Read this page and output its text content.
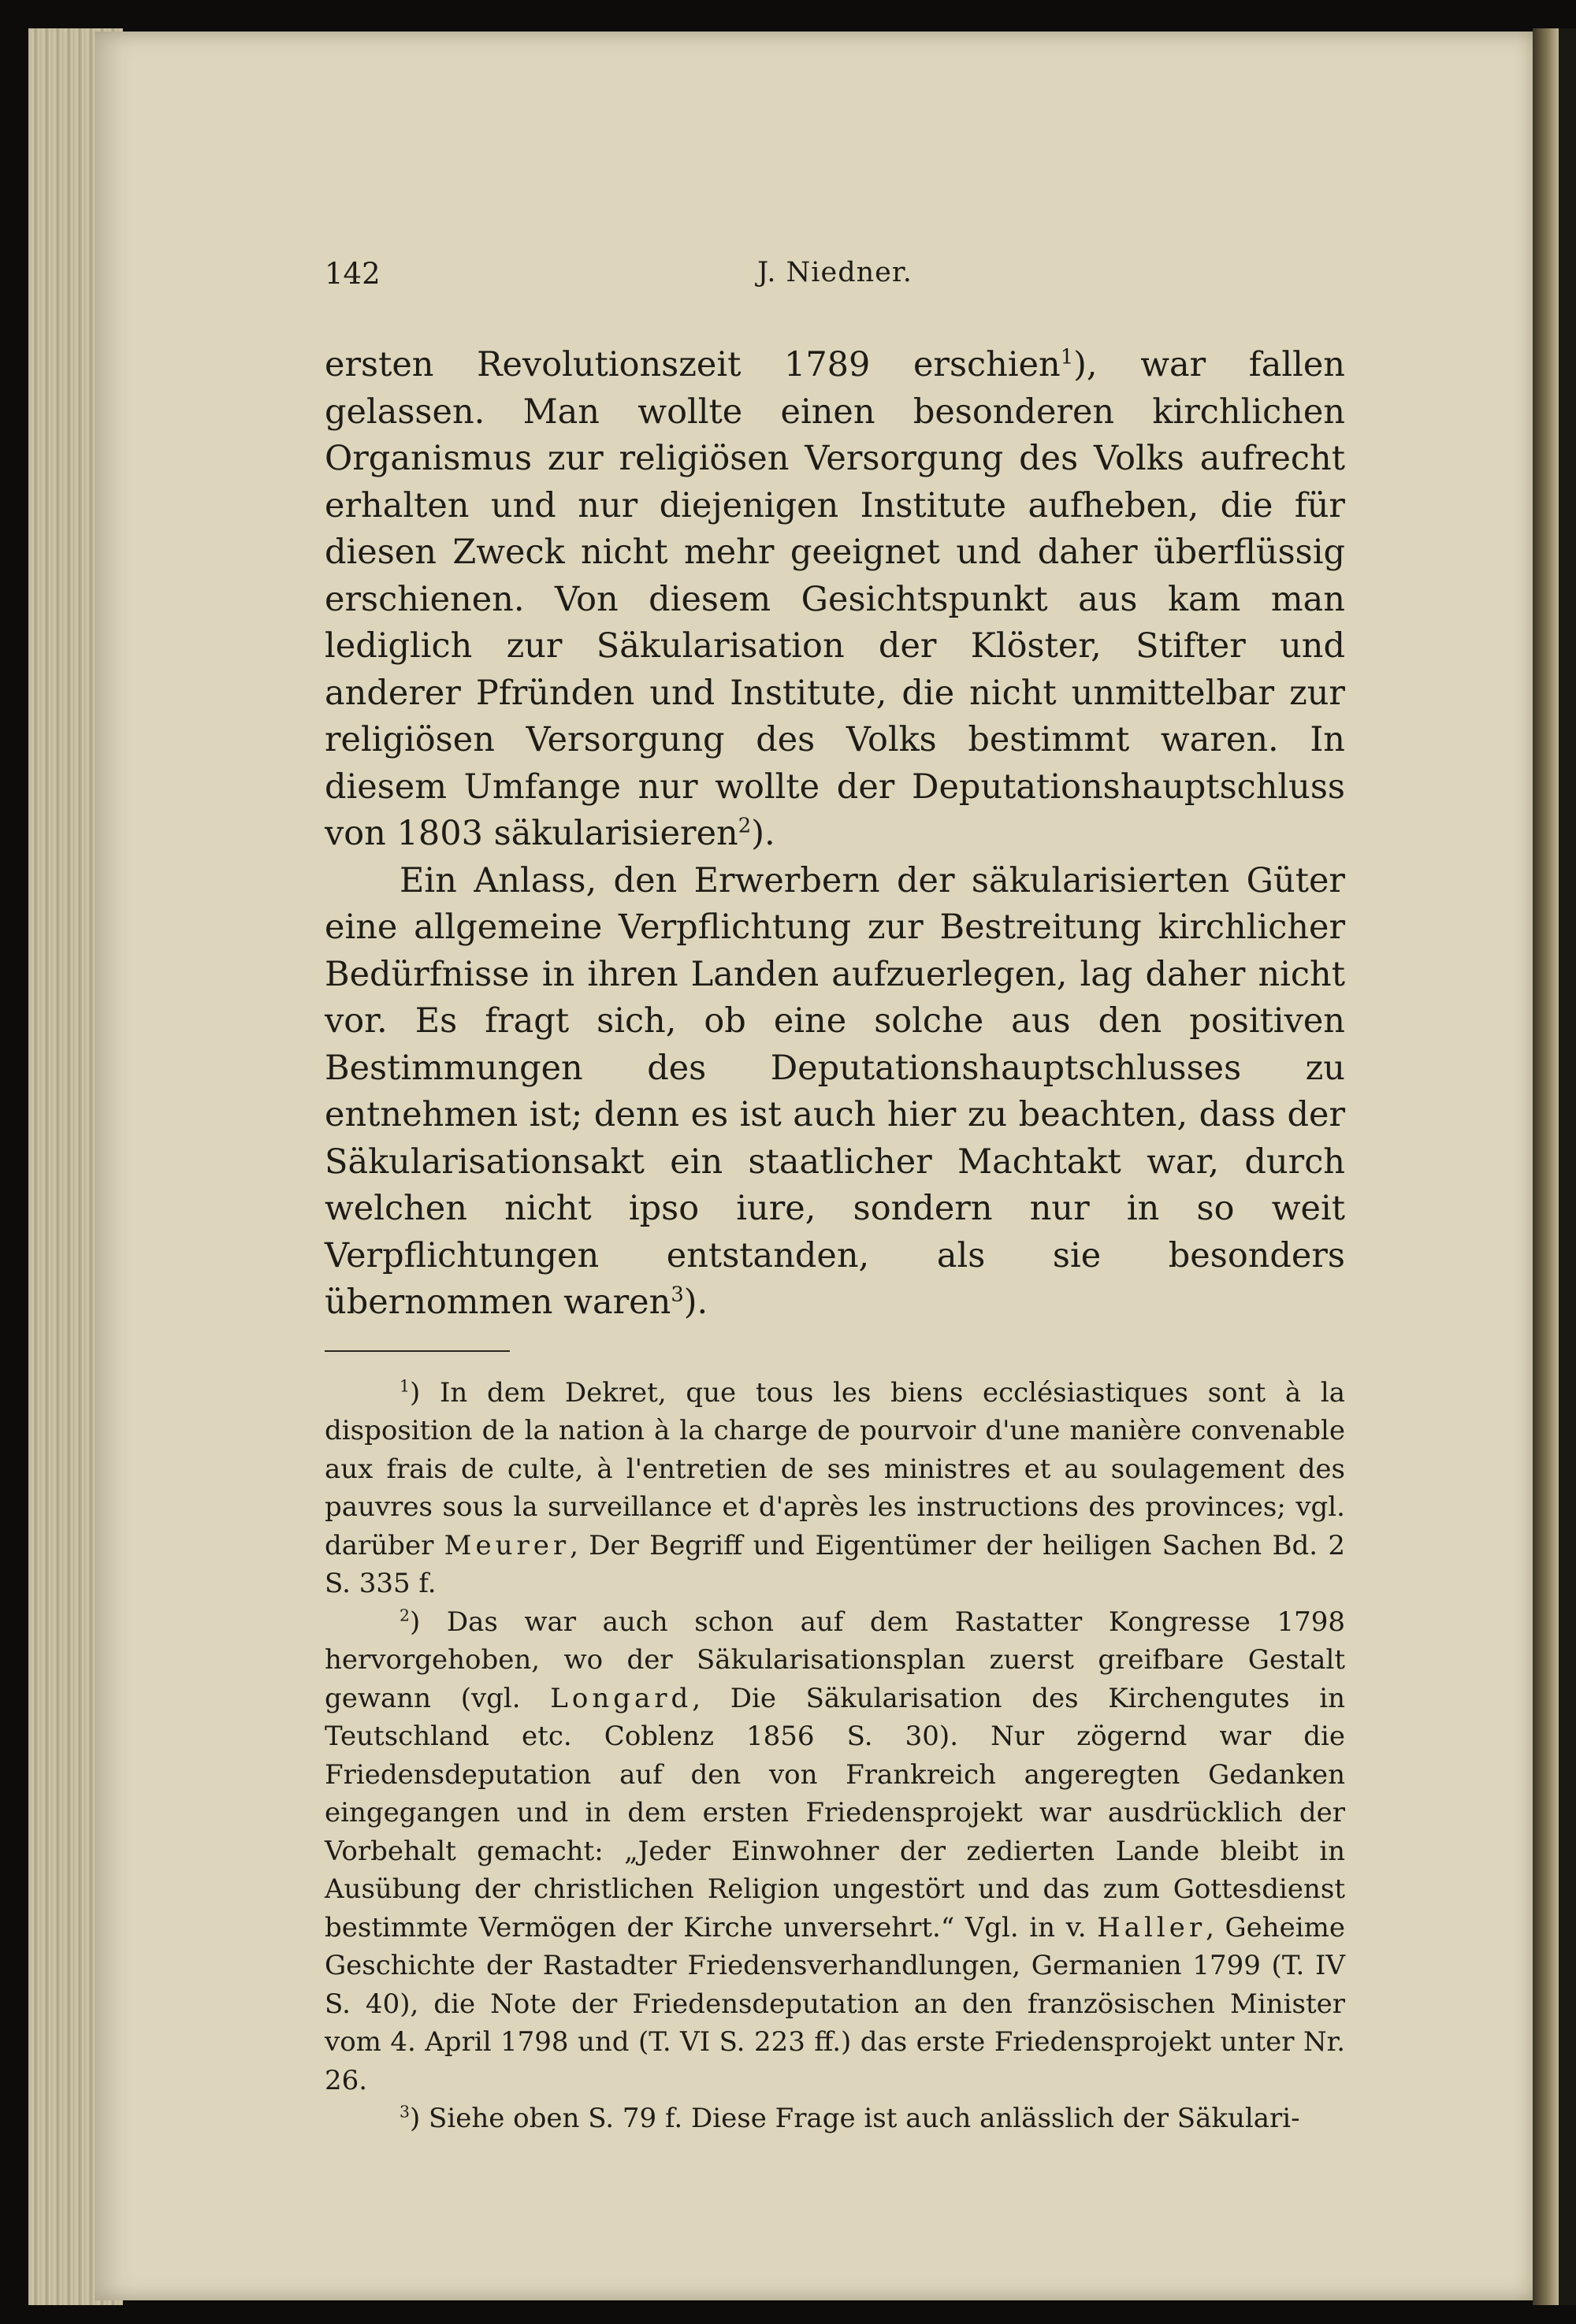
142	J. Niedner.

ersten Revolutionszeit 1789 erschien$^1$), war fallen gelassen. Man wollte einen besonderen kirchlichen Organismus zur religiösen Versorgung des Volks aufrecht erhalten und nur diejenigen Institute aufheben, die für diesen Zweck nicht mehr geeignet und daher überflüssig erschienen. Von diesem Gesichtspunkt aus kam man lediglich zur Säkularisation der Klöster, Stifter und anderer Pfründen und Institute, die nicht unmittelbar zur religiösen Versorgung des Volks bestimmt waren. In diesem Umfange nur wollte der Deputationshauptschluss von 1803 säkularisieren$^2$).

Ein Anlass, den Erwerbern der säkularisierten Güter eine allgemeine Verpflichtung zur Bestreitung kirchlicher Bedürfnisse in ihren Landen aufzuerlegen, lag daher nicht vor. Es fragt sich, ob eine solche aus den positiven Bestimmungen des Deputationshauptschlusses zu entnehmen ist; denn es ist auch hier zu beachten, dass der Säkularisationsakt ein staatlicher Machtakt war, durch welchen nicht ipso iure, sondern nur in so weit Verpflichtungen entstanden, als sie besonders übernommen waren$^3$).

$^1$) In dem Dekret, que tous les biens ecclésiastiques sont à la disposition de la nation à la charge de pourvoir d'une manière convenable aux frais de culte, à l'entretien de ses ministres et au soulagement des pauvres sous la surveillance et d'après les instructions des provinces; vgl. darüber Meurer, Der Begriff und Eigentümer der heiligen Sachen Bd. 2 S. 335 f.

$^2$) Das war auch schon auf dem Rastatter Kongresse 1798 hervorgehoben, wo der Säkularisationsplan zuerst greifbare Gestalt gewann (vgl. Longard, Die Säkularisation des Kirchengutes in Teutschland etc. Coblenz 1856 S. 30). Nur zögernd war die Friedensdeputation auf den von Frankreich angeregten Gedanken eingegangen und in dem ersten Friedensprojekt war ausdrücklich der Vorbehalt gemacht: „Jeder Einwohner der zedierten Lande bleibt in Ausübung der christlichen Religion ungestört und das zum Gottesdienst bestimmte Vermögen der Kirche unversehrt.“ Vgl. in v. Haller, Geheime Geschichte der Rastadter Friedensverhandlungen, Germanien 1799 (T. IV S. 40), die Note der Friedensdeputation an den französischen Minister vom 4. April 1798 und (T. VI S. 223 ff.) das erste Friedensprojekt unter Nr. 26.

$^3$) Siehe oben S. 79 f. Diese Frage ist auch anlässlich der Säkulari-
